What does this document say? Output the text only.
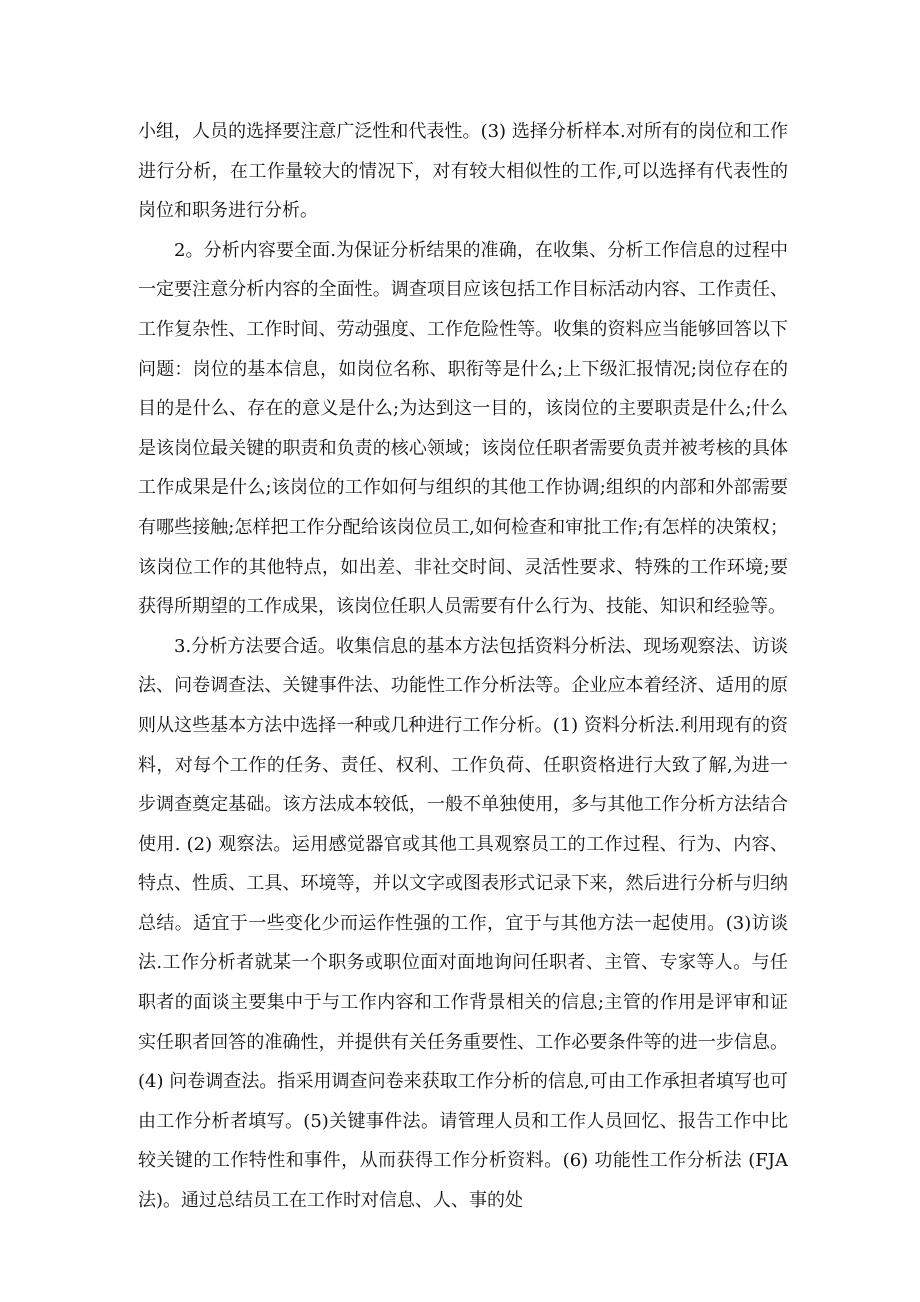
小组，人员的选择要注意广泛性和代表性。(3) 选择分析样本.对所有的岗位和工作进行分析，在工作量较大的情况下，对有较大相似性的工作,可以选择有代表性的岗位和职务进行分析。

2。分析内容要全面.为保证分析结果的准确，在收集、分析工作信息的过程中一定要注意分析内容的全面性。调查项目应该包括工作目标活动内容、工作责任、工作复杂性、工作时间、劳动强度、工作危险性等。收集的资料应当能够回答以下问题：岗位的基本信息，如岗位名称、职衔等是什么;上下级汇报情况;岗位存在的目的是什么、存在的意义是什么;为达到这一目的，该岗位的主要职责是什么;什么是该岗位最关键的职责和负责的核心领域；该岗位任职者需要负责并被考核的具体工作成果是什么;该岗位的工作如何与组织的其他工作协调;组织的内部和外部需要有哪些接触;怎样把工作分配给该岗位员工,如何检查和审批工作;有怎样的决策权；该岗位工作的其他特点，如出差、非社交时间、灵活性要求、特殊的工作环境;要获得所期望的工作成果，该岗位任职人员需要有什么行为、技能、知识和经验等。

3.分析方法要合适。收集信息的基本方法包括资料分析法、现场观察法、访谈法、问卷调查法、关键事件法、功能性工作分析法等。企业应本着经济、适用的原则从这些基本方法中选择一种或几种进行工作分析。(1) 资料分析法.利用现有的资料，对每个工作的任务、责任、权利、工作负荷、任职资格进行大致了解,为进一步调查奠定基础。该方法成本较低，一般不单独使用，多与其他工作分析方法结合使用. (2) 观察法。运用感觉器官或其他工具观察员工的工作过程、行为、内容、特点、性质、工具、环境等，并以文字或图表形式记录下来，然后进行分析与归纳总结。适宜于一些变化少而运作性强的工作，宜于与其他方法一起使用。(3)访谈法.工作分析者就某一个职务或职位面对面地询问任职者、主管、专家等人。与任职者的面谈主要集中于与工作内容和工作背景相关的信息;主管的作用是评审和证实任职者回答的准确性，并提供有关任务重要性、工作必要条件等的进一步信息。(4) 问卷调查法。指采用调查问卷来获取工作分析的信息,可由工作承担者填写也可由工作分析者填写。(5)关键事件法。请管理人员和工作人员回忆、报告工作中比较关键的工作特性和事件，从而获得工作分析资料。(6) 功能性工作分析法 (FJA 法)。通过总结员工在工作时对信息、人、事的处
